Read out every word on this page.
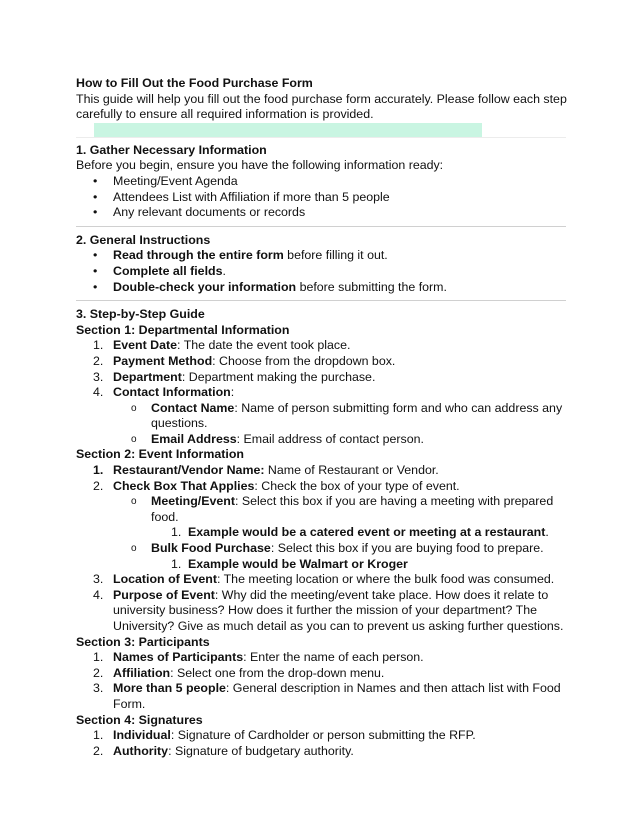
How to Fill Out the Food Purchase Form

This guide will help you fill out the food purchase form accurately. Please follow each step carefully to ensure all required information is provided.

1. Gather Necessary Information

Before you begin, ensure you have the following information ready:

• Meeting/Event Agenda
• Attendees List with Affiliation if more than 5 people
• Any relevant documents or records

2. General Instructions

• Read through the entire form before filling it out.
• Complete all fields.
• Double-check your information before submitting the form.

3. Step-by-Step Guide

Section 1: Departmental Information

1. Event Date: The date the event took place.
2. Payment Method: Choose from the dropdown box.
3. Department: Department making the purchase.
4. Contact Information:
o Contact Name: Name of person submitting form and who can address any questions.
o Email Address: Email address of contact person.

Section 2: Event Information

1. Restaurant/Vendor Name: Name of Restaurant or Vendor.
2. Check Box That Applies: Check the box of your type of event.
o Meeting/Event: Select this box if you are having a meeting with prepared food.
1. Example would be a catered event or meeting at a restaurant.
o Bulk Food Purchase: Select this box if you are buying food to prepare.
1. Example would be Walmart or Kroger
3. Location of Event: The meeting location or where the bulk food was consumed.
4. Purpose of Event: Why did the meeting/event take place. How does it relate to university business? How does it further the mission of your department? The University? Give as much detail as you can to prevent us asking further questions.

Section 3: Participants

1. Names of Participants: Enter the name of each person.
2. Affiliation: Select one from the drop-down menu.
3. More than 5 people: General description in Names and then attach list with Food Form.

Section 4: Signatures

1. Individual: Signature of Cardholder or person submitting the RFP.
2. Authority: Signature of budgetary authority.
